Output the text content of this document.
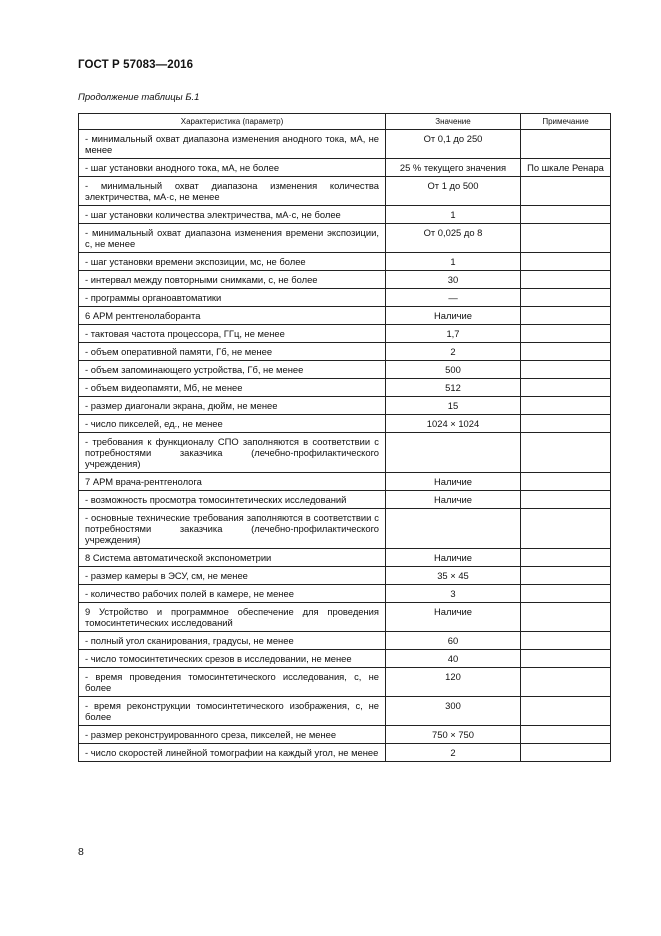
ГОСТ Р 57083—2016
Продолжение таблицы Б.1
Характеристика (параметр)	Значение	Примечание
- минимальный охват диапазона изменения анодного тока, мА, не менее	От 0,1 до 250	
- шаг установки анодного тока, мА, не более	25 % текущего значения	По шкале Ренара
- минимальный охват диапазона изменения количества электричества, мА·с, не менее	От 1 до 500	
- шаг установки количества электричества, мА·с, не более	1	
- минимальный охват диапазона изменения времени экспозиции, с, не менее	От 0,025 до 8	
- шаг установки времени экспозиции, мс, не более	1	
- интервал между повторными снимками, с, не более	30	
- программы органоавтоматики	—	
6 АРМ рентгенолаборанта	Наличие	
- тактовая частота процессора, ГГц, не менее	1,7	
- объем оперативной памяти, Гб, не менее	2	
- объем запоминающего устройства, Гб, не менее	500	
- объем видеопамяти, Мб, не менее	512	
- размер диагонали экрана, дюйм, не менее	15	
- число пикселей, ед., не менее	1024 × 1024	
- требования к функционалу СПО заполняются в соответствии с потребностями заказчика (лечебно-профилактического учреждения)		
7 АРМ врача-рентгенолога	Наличие	
- возможность просмотра томосинтетических исследований	Наличие	
- основные технические требования заполняются в соответствии с потребностями заказчика (лечебно-профилактического учреждения)		
8 Система автоматической экспонометрии	Наличие	
- размер камеры в ЭСУ, см, не менее	35 × 45	
- количество рабочих полей в камере, не менее	3	
9 Устройство и программное обеспечение для проведения томосинтетических исследований	Наличие	
- полный угол сканирования, градусы, не менее	60	
- число томосинтетических срезов в исследовании, не менее	40	
- время проведения томосинтетического исследования, с, не более	120	
- время реконструкции томосинтетического изображения, с, не более	300	
- размер реконструированного среза, пикселей, не менее	750 × 750	
- число скоростей линейной томографии на каждый угол, не менее	2	
8
